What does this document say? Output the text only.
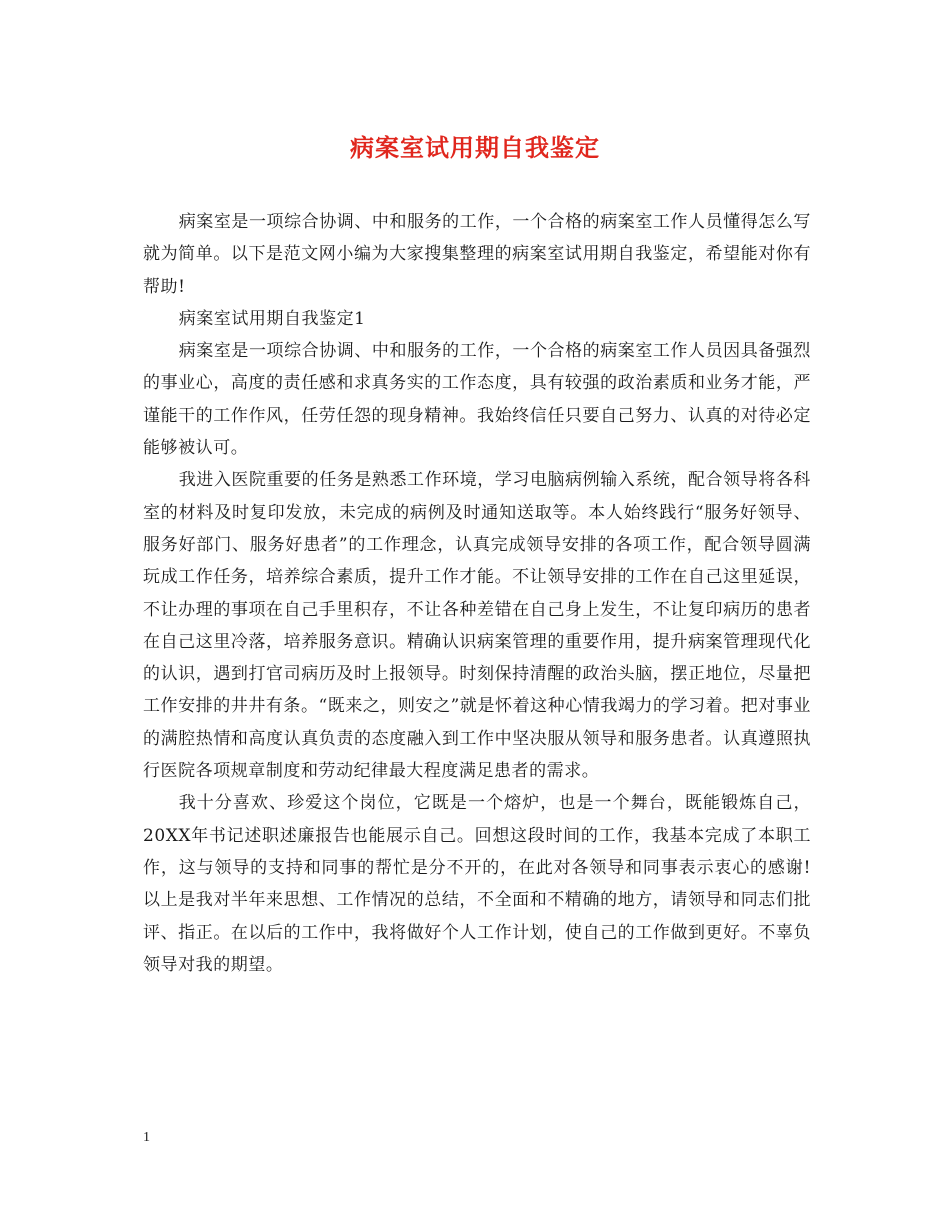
病案室试用期自我鉴定

病案室是一项综合协调、中和服务的工作，一个合格的病案室工作人员懂得怎么写就为简单。以下是范文网小编为大家搜集整理的病案室试用期自我鉴定，希望能对你有帮助!

病案室试用期自我鉴定1

病案室是一项综合协调、中和服务的工作，一个合格的病案室工作人员因具备强烈的事业心，高度的责任感和求真务实的工作态度，具有较强的政治素质和业务才能，严谨能干的工作作风，任劳任怨的现身精神。我始终信任只要自己努力、认真的对待必定能够被认可。

我进入医院重要的任务是熟悉工作环境，学习电脑病例输入系统，配合领导将各科室的材料及时复印发放，未完成的病例及时通知送取等。本人始终践行“服务好领导、服务好部门、服务好患者”的工作理念，认真完成领导安排的各项工作，配合领导圆满玩成工作任务，培养综合素质，提升工作才能。不让领导安排的工作在自己这里延误，不让办理的事项在自己手里积存，不让各种差错在自己身上发生，不让复印病历的患者在自己这里冷落，培养服务意识。精确认识病案管理的重要作用，提升病案管理现代化的认识，遇到打官司病历及时上报领导。时刻保持清醒的政治头脑，摆正地位，尽量把工作安排的井井有条。“既来之，则安之”就是怀着这种心情我竭力的学习着。把对事业的满腔热情和高度认真负责的态度融入到工作中坚决服从领导和服务患者。认真遵照执行医院各项规章制度和劳动纪律最大程度满足患者的需求。

我十分喜欢、珍爱这个岗位，它既是一个熔炉，也是一个舞台，既能锻炼自己，20XX年书记述职述廉报告也能展示自己。回想这段时间的工作，我基本完成了本职工作，这与领导的支持和同事的帮忙是分不开的，在此对各领导和同事表示衷心的感谢!以上是我对半年来思想、工作情况的总结，不全面和不精确的地方，请领导和同志们批评、指正。在以后的工作中，我将做好个人工作计划，使自己的工作做到更好。不辜负领导对我的期望。

1
